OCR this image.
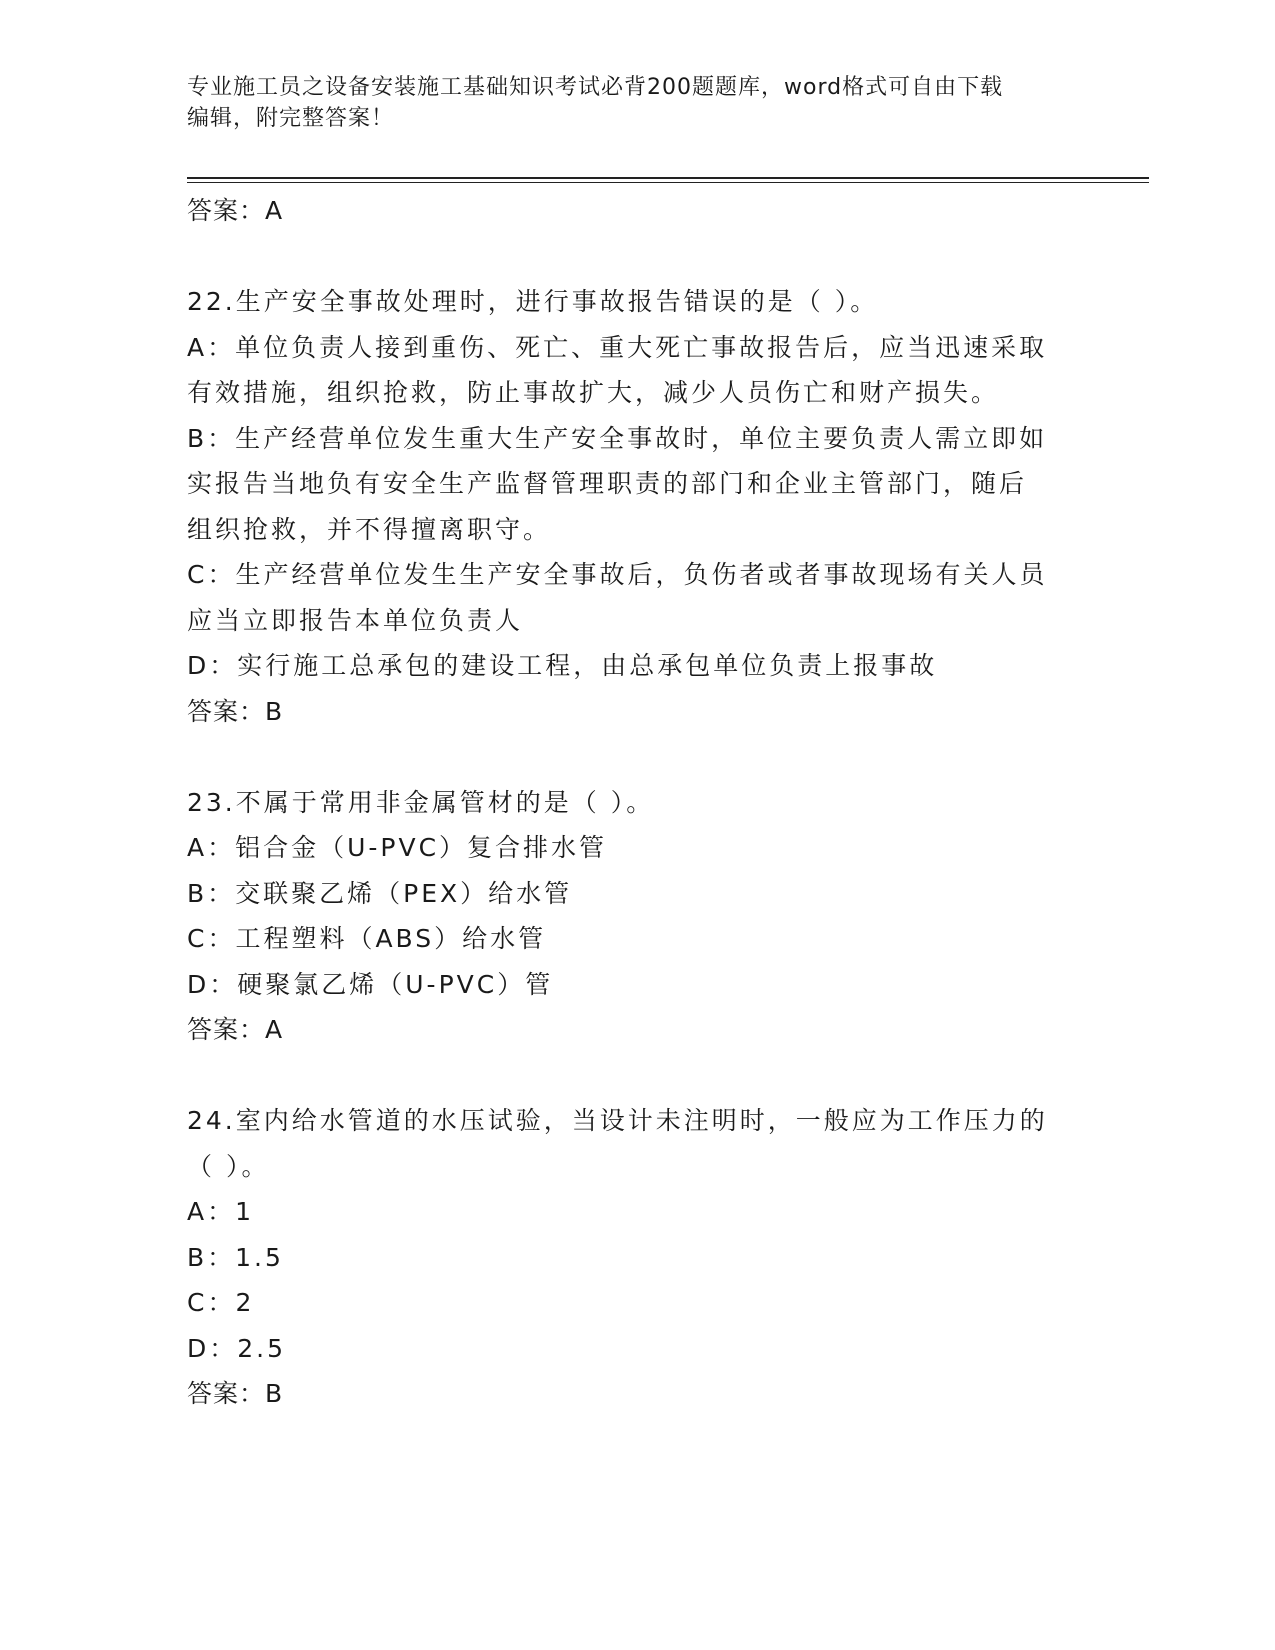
专业施工员之设备安装施工基础知识考试必背200题题库，word格式可自由下载
编辑，附完整答案！
答案：A
22.生产安全事故处理时，进行事故报告错误的是（ ）。
A：单位负责人接到重伤、死亡、重大死亡事故报告后，应当迅速采取
有效措施，组织抢救，防止事故扩大，减少人员伤亡和财产损失。
B：生产经营单位发生重大生产安全事故时，单位主要负责人需立即如
实报告当地负有安全生产监督管理职责的部门和企业主管部门，随后
组织抢救，并不得擅离职守。
C：生产经营单位发生生产安全事故后，负伤者或者事故现场有关人员
应当立即报告本单位负责人
D：实行施工总承包的建设工程，由总承包单位负责上报事故
答案：B
23.不属于常用非金属管材的是（ ）。
A：铝合金（U-PVC）复合排水管
B：交联聚乙烯（PEX）给水管
C：工程塑料（ABS）给水管
D：硬聚氯乙烯（U-PVC）管
答案：A
24.室内给水管道的水压试验，当设计未注明时，一般应为工作压力的
（ ）。
A：1
B：1.5
C：2
D：2.5
答案：B
